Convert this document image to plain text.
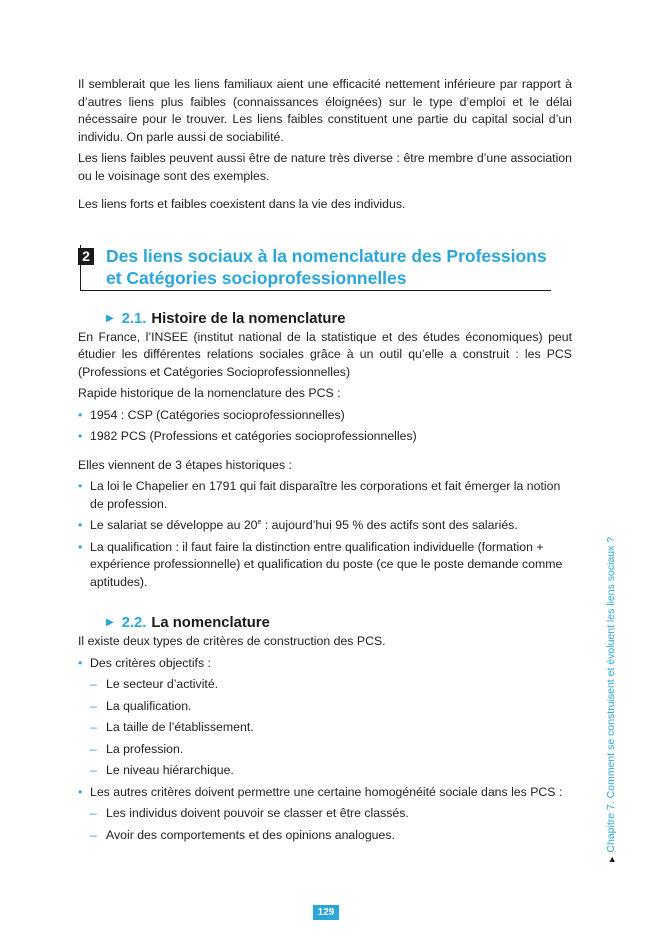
Il semblerait que les liens familiaux aient une efficacité nettement inférieure par rapport à d’autres liens plus faibles (connaissances éloignées) sur le type d’emploi et le délai nécessaire pour le trouver. Les liens faibles constituent une partie du capital social d’un individu. On parle aussi de sociabilité.

Les liens faibles peuvent aussi être de nature très diverse : être membre d’une association ou le voisinage sont des exemples.

Les liens forts et faibles coexistent dans la vie des individus.

2 Des liens sociaux à la nomenclature des Professions
et Catégories socioprofessionnelles
▶ 2.1. Histoire de la nomenclature

En France, l’INSEE (institut national de la statistique et des études économiques) peut étudier les différentes relations sociales grâce à un outil qu’elle a construit : les PCS (Professions et Catégories Socioprofessionnelles)

Rapide historique de la nomenclature des PCS :

• 1954 : CSP (Catégories socioprofessionnelles)
• 1982 PCS (Professions et catégories socioprofessionnelles)

Elles viennent de 3 étapes historiques :

• La loi le Chapelier en 1791 qui fait disparaître les corporations et fait émerger la notion de profession.
• Le salariat se développe au 20e : aujourd’hui 95 % des actifs sont des salariés.
• La qualification : il faut faire la distinction entre qualification individuelle (formation + expérience professionnelle) et qualification du poste (ce que le poste demande comme aptitudes).
▶ 2.2. La nomenclature

Il existe deux types de critères de construction des PCS.

• Des critères objectifs :
– Le secteur d’activité.
– La qualification.
– La taille de l’établissement.
– La profession.
– Le niveau hiérarchique.
• Les autres critères doivent permettre une certaine homogénéité sociale dans les PCS :
– Les individus doivent pouvoir se classer et être classés.
– Avoir des comportements et des opinions analogues.
▶Chapitre 7. Comment se construisent et évoluent les liens sociaux ?
129
